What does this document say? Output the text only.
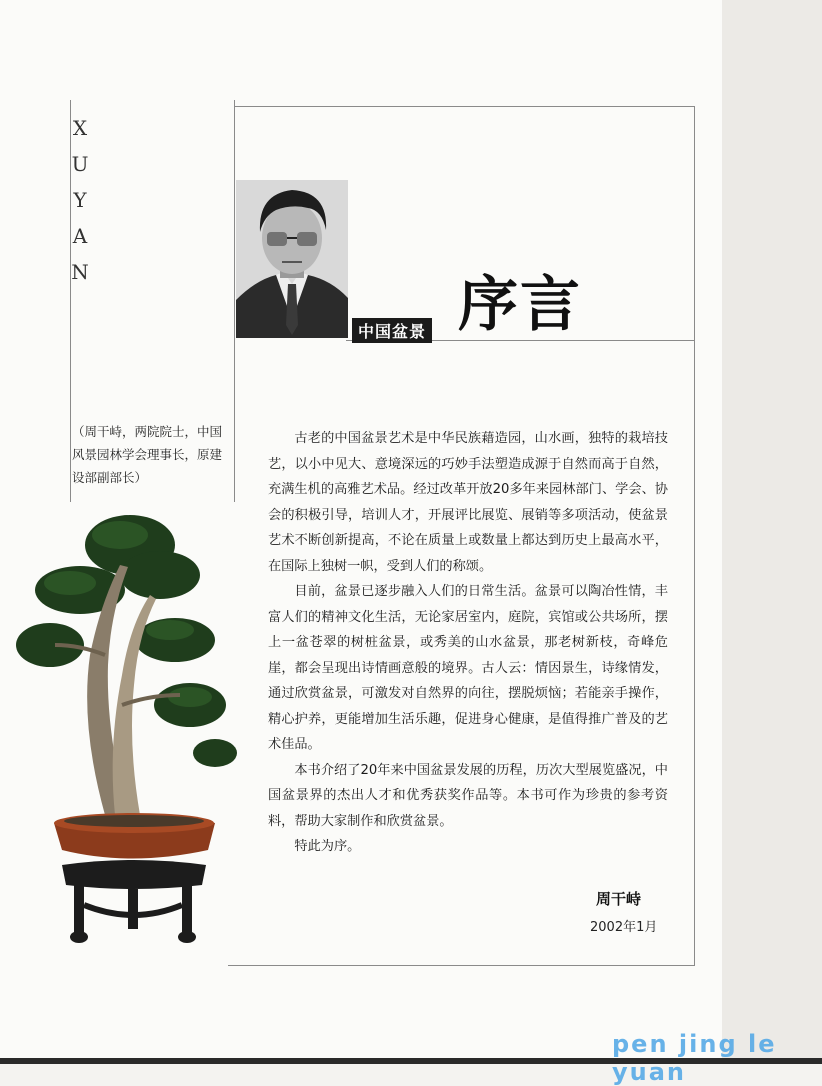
X
U
Y
A
N
中国盆景 序言
（周干峙，两院院士，中国风景园林学会理事长，原建设部副部长）

古老的中国盆景艺术是中华民族藉造园，山水画，独特的栽培技艺，以小中见大、意境深远的巧妙手法塑造成源于自然而高于自然，充满生机的高雅艺术品。经过改革开放20多年来园林部门、学会、协会的积极引导，培训人才，开展评比展览、展销等多项活动，使盆景艺术不断创新提高，不论在质量上或数量上都达到历史上最高水平，在国际上独树一帜，受到人们的称颂。

目前，盆景已逐步融入人们的日常生活。盆景可以陶冶性情，丰富人们的精神文化生活，无论家居室内，庭院，宾馆或公共场所，摆上一盆苍翠的树桩盆景，或秀美的山水盆景，那老树新枝，奇峰危崖，都会呈现出诗情画意般的境界。古人云：情因景生，诗缘情发，通过欣赏盆景，可激发对自然界的向往，摆脱烦恼；若能亲手操作，精心护养，更能增加生活乐趣，促进身心健康，是值得推广普及的艺术佳品。

本书介绍了20年来中国盆景发展的历程，历次大型展览盛况，中国盆景界的杰出人才和优秀获奖作品等。本书可作为珍贵的参考资料，帮助大家制作和欣赏盆景。

特此为序。

周干峙
2002年1月
pen jing le yuan
